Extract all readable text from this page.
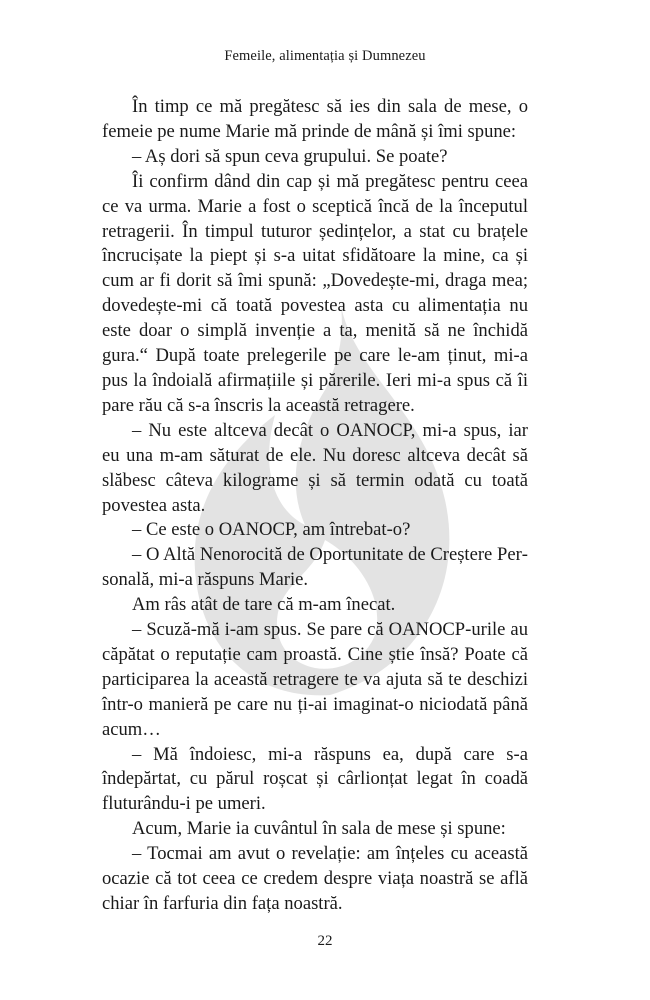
Femeile, alimentația și Dumnezeu

În timp ce mă pregătesc să ies din sala de mese, o femeie pe nume Marie mă prinde de mână și îmi spune:

– Aș dori să spun ceva grupului. Se poate?

Îi confirm dând din cap și mă pregătesc pentru ceea ce va urma. Marie a fost o sceptică încă de la începutul retragerii. În timpul tuturor ședințelor, a stat cu brațele încrucișate la piept și s-a uitat sfidătoare la mine, ca și cum ar fi dorit să îmi spună: „Dovedește-mi, draga mea; dovedește-mi că toată povestea asta cu alimentația nu este doar o simplă invenție a ta, menită să ne închidă gura.“ După toate prelegerile pe care le-am ținut, mi-a pus la îndoială afirmațiile și părerile. Ieri mi-a spus că îi pare rău că s-a înscris la această retragere.

– Nu este altceva decât o OANOCP, mi-a spus, iar eu una m-am săturat de ele. Nu doresc altceva decât să slăbesc câteva kilograme și să termin odată cu toată povestea asta.

– Ce este o OANOCP, am întrebat-o?

– O Altă Nenorocită de Oportunitate de Creștere Personală, mi-a răspuns Marie.

Am râs atât de tare că m-am înecat.

– Scuză-mă i-am spus. Se pare că OANOCP-urile au căpătat o reputație cam proastă. Cine știe însă? Poate că participarea la această retragere te va ajuta să te deschizi într-o manieră pe care nu ți-ai imaginat-o niciodată până acum…

– Mă îndoiesc, mi-a răspuns ea, după care s-a îndepărtat, cu părul roșcat și cârlionțat legat în coadă fluturându-i pe umeri.

Acum, Marie ia cuvântul în sala de mese și spune:

– Tocmai am avut o revelație: am înțeles cu această ocazie că tot ceea ce credem despre viața noastră se află chiar în farfuria din fața noastră.

22
